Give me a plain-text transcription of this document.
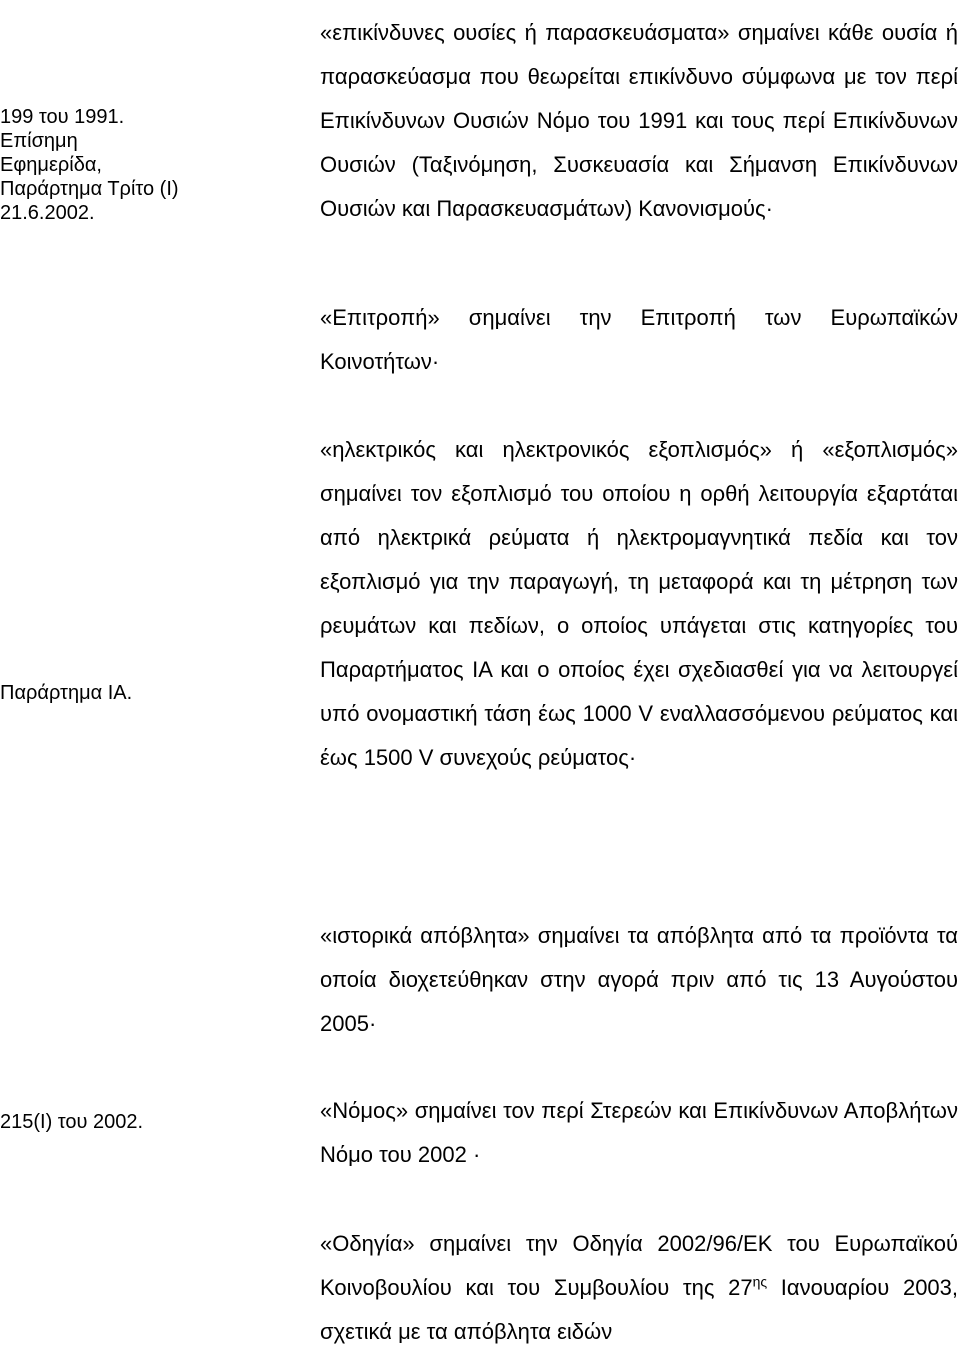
199 του 1991.

Επίσημη

Εφημερίδα,

Παράρτημα Τρίτο (I)

21.6.2002.

Παράρτημα ΙΑ.

215(I) του 2002.

«επικίνδυνες ουσίες ή παρασκευάσματα» σημαίνει κάθε ουσία ή παρασκεύασμα που θεωρείται επικίνδυνο σύμφωνα με τον περί Επικίνδυνων Ουσιών Νόμο του 1991 και τους περί Επικίνδυνων Ουσιών (Ταξινόμηση, Συσκευασία και Σήμανση Επικίνδυνων Ουσιών και Παρασκευασμάτων) Κανονισμούς·

«Επιτροπή» σημαίνει την Επιτροπή των Ευρωπαϊκών Κοινοτήτων·

«ηλεκτρικός και ηλεκτρονικός εξοπλισμός» ή «εξοπλισμός» σημαίνει τον εξοπλισμό του οποίου η ορθή λειτουργία εξαρτάται από ηλεκτρικά ρεύματα ή ηλεκτρομαγνητικά πεδία και τον εξοπλισμό για την παραγωγή, τη μεταφορά και τη μέτρηση των ρευμάτων και πεδίων, ο οποίος υπάγεται στις κατηγορίες του Παραρτήματος ΙΑ και ο οποίος έχει σχεδιασθεί για να λειτουργεί υπό ονομαστική τάση έως 1000 V εναλλασσόμενου ρεύματος και έως 1500 V συνεχούς ρεύματος·

«ιστορικά απόβλητα» σημαίνει τα απόβλητα από τα προϊόντα τα οποία διοχετεύθηκαν στην αγορά πριν από τις 13 Αυγούστου 2005·

«Νόμος» σημαίνει τον περί Στερεών και Επικίνδυνων Αποβλήτων Νόμο του 2002 ·

«Οδηγία» σημαίνει την Οδηγία 2002/96/ΕΚ του Ευρωπαϊκού Κοινοβουλίου και του Συμβουλίου της $27^{\eta\varsigma}$ Ιανουαρίου 2003, σχετικά με τα απόβλητα ειδών
